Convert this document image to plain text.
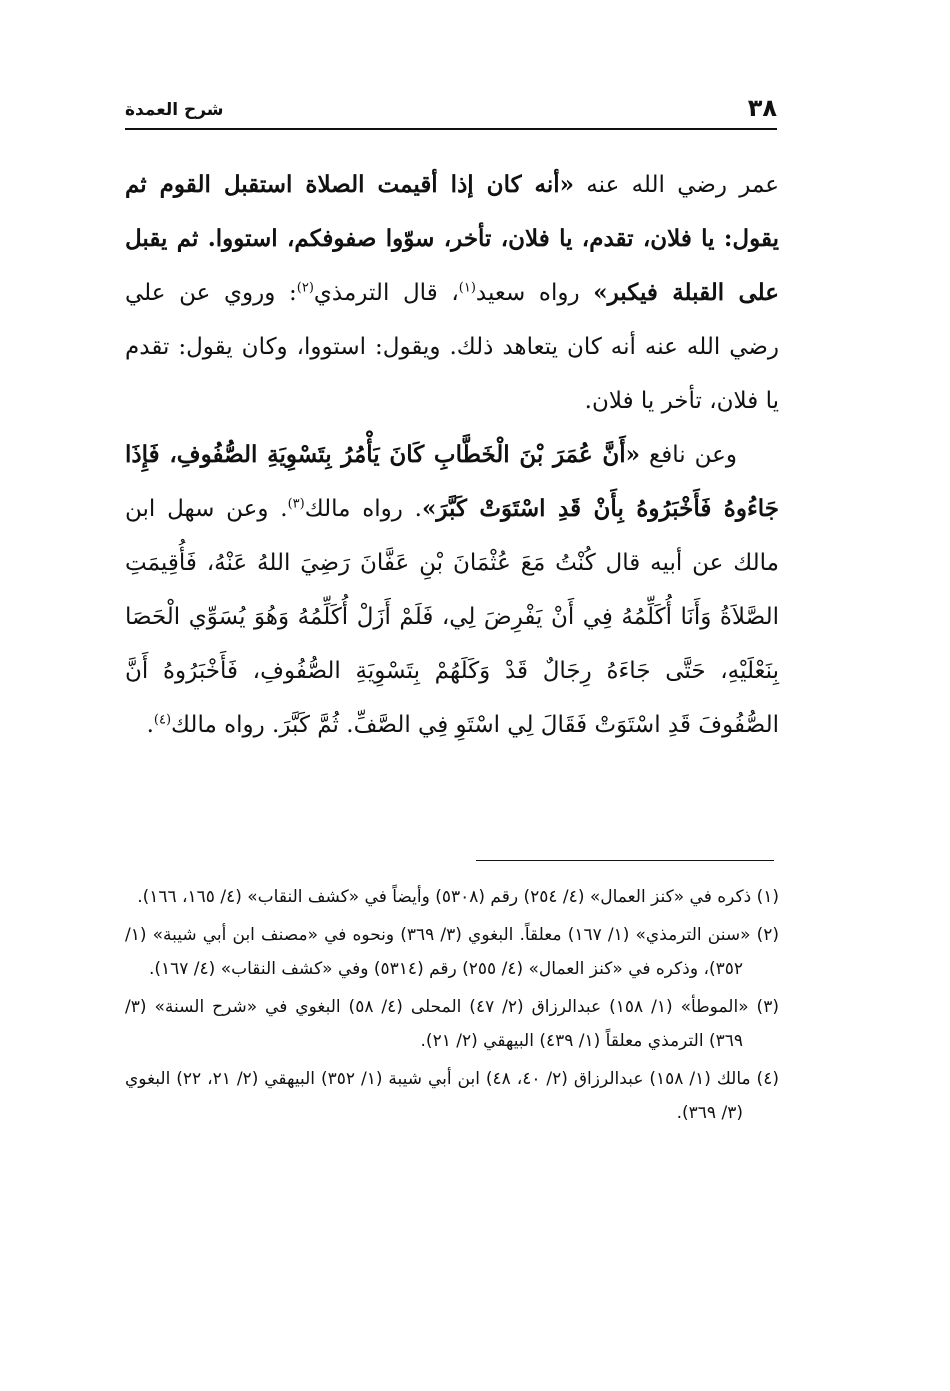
٣٨
شرح العمدة

عمر رضي الله عنه «أنه كان إذا أقيمت الصلاة استقبل القوم ثم يقول: يا فلان، تقدم، يا فلان، تأخر، سوّوا صفوفكم، استووا. ثم يقبل على القبلة فيكبر» رواه سعيد$^{(١)}$، قال الترمذي$^{(٢)}$: وروي عن علي رضي الله عنه أنه كان يتعاهد ذلك. ويقول: استووا، وكان يقول: تقدم يا فلان، تأخر يا فلان.

وعن نافع «أَنَّ عُمَرَ بْنَ الْخَطَّابِ كَانَ يَأْمُرُ بِتَسْوِيَةِ الصُّفُوفِ، فَإِذَا جَاءُوهُ فَأَخْبَرُوهُ بِأَنْ قَدِ اسْتَوَتْ كَبَّرَ». رواه مالك$^{(٣)}$. وعن سهل ابن مالك عن أبيه قال كُنْتُ مَعَ عُثْمَانَ بْنِ عَفَّانَ رَضِيَ اللهُ عَنْهُ، فَأُقِيمَتِ الصَّلاَةُ وَأَنَا أُكَلِّمُهُ فِي أَنْ يَفْرِضَ لِي، فَلَمْ أَزَلْ أُكَلِّمُهُ وَهُوَ يُسَوِّي الْحَصَا بِنَعْلَيْهِ، حَتَّى جَاءَهُ رِجَالٌ قَدْ وَكَلَهُمْ بِتَسْوِيَةِ الصُّفُوفِ، فَأَخْبَرُوهُ أَنَّ الصُّفُوفَ قَدِ اسْتَوَتْ فَقَالَ لِي اسْتَوِ فِي الصَّفِّ. ثُمَّ كَبَّرَ. رواه مالك$^{(٤)}$.

(١) ذكره في «كنز العمال» (٤/ ٢٥٤) رقم (٥٣٠٨) وأيضاً في «كشف النقاب» (٤/ ١٦٥، ١٦٦).

(٢) «سنن الترمذي» (١/ ١٦٧) معلقاً. البغوي (٣/ ٣٦٩) ونحوه في «مصنف ابن أبي شيبة» (١/ ٣٥٢)، وذكره في «كنز العمال» (٤/ ٢٥٥) رقم (٥٣١٤) وفي «كشف النقاب» (٤/ ١٦٧).

(٣) «الموطأ» (١/ ١٥٨) عبدالرزاق (٢/ ٤٧) المحلى (٤/ ٥٨) البغوي في «شرح السنة» (٣/ ٣٦٩) الترمذي معلقاً (١/ ٤٣٩) البيهقي (٢/ ٢١).

(٤) مالك (١/ ١٥٨) عبدالرزاق (٢/ ٤٠، ٤٨) ابن أبي شيبة (١/ ٣٥٢) البيهقي (٢/ ٢١، ٢٢) البغوي (٣/ ٣٦٩).
